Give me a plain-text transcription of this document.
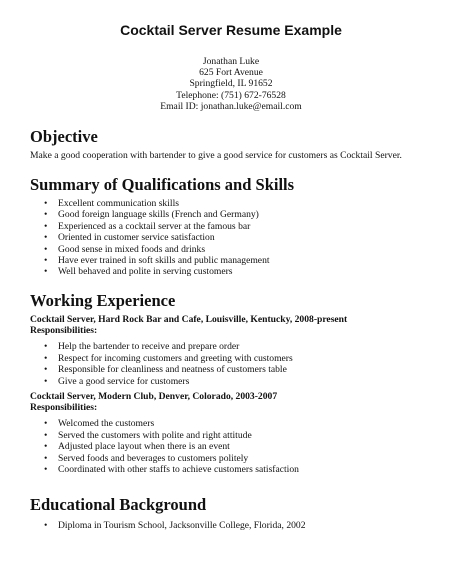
Cocktail Server Resume Example
Jonathan Luke
625 Fort Avenue
Springfield, IL 91652
Telephone: (751) 672-76528
Email ID: jonathan.luke@email.com
Objective
Make a good cooperation with bartender to give a good service for customers as Cocktail Server.
Summary of Qualifications and Skills
• Excellent communication skills
• Good foreign language skills (French and Germany)
• Experienced as a cocktail server at the famous bar
• Oriented in customer service satisfaction
• Good sense in mixed foods and drinks
• Have ever trained in soft skills and public management
• Well behaved and polite in serving customers
Working Experience
Cocktail Server, Hard Rock Bar and Cafe, Louisville, Kentucky, 2008-present
Responsibilities:
• Help the bartender to receive and prepare order
• Respect for incoming customers and greeting with customers
• Responsible for cleanliness and neatness of customers table
• Give a good service for customers
Cocktail Server, Modern Club, Denver, Colorado, 2003-2007
Responsibilities:
• Welcomed the customers
• Served the customers with polite and right attitude
• Adjusted place layout when there is an event
• Served foods and beverages to customers politely
• Coordinated with other staffs to achieve customers satisfaction
Educational Background
• Diploma in Tourism School, Jacksonville College, Florida, 2002
